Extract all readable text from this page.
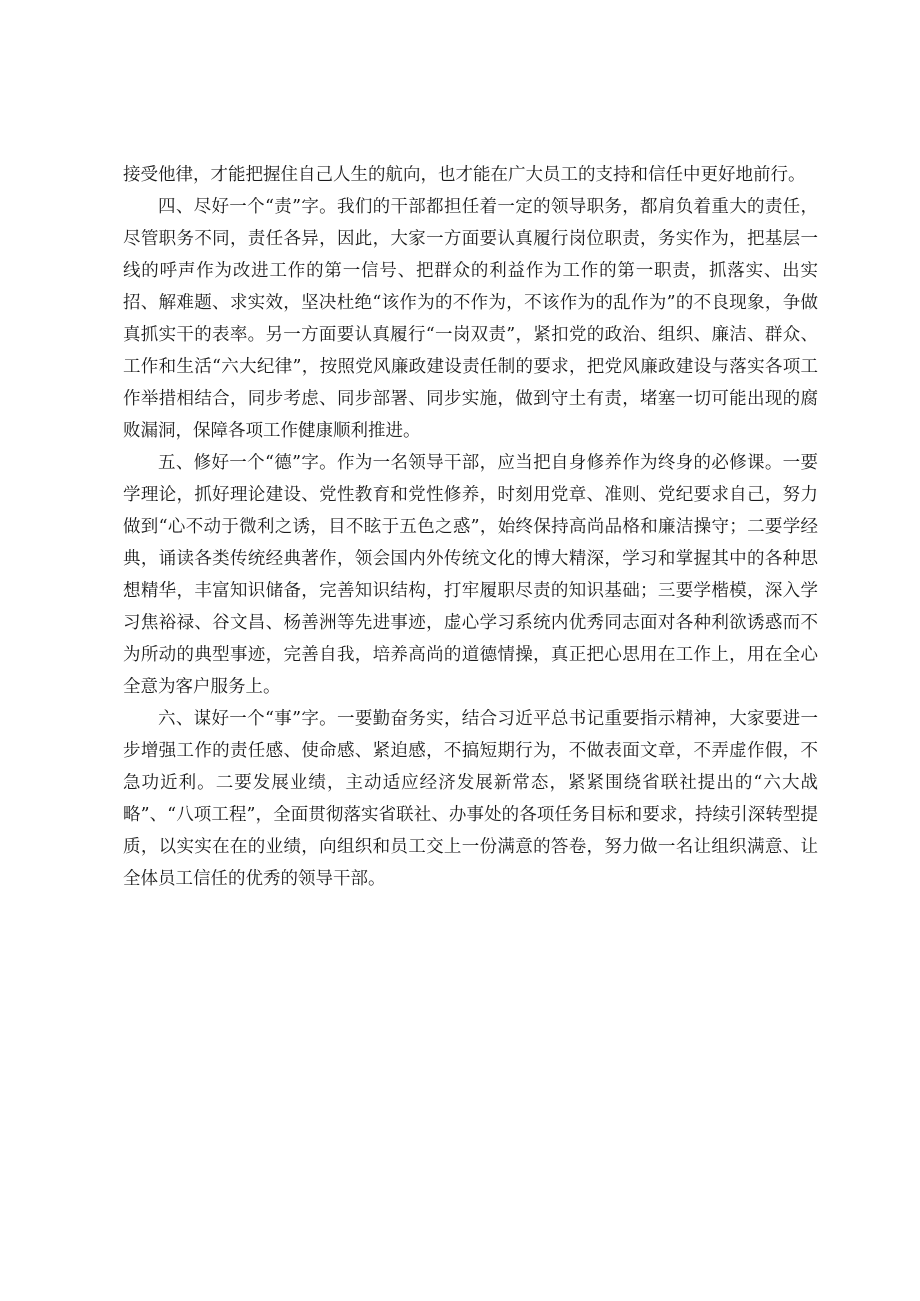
接受他律，才能把握住自己人生的航向，也才能在广大员工的支持和信任中更好地前行。

四、尽好一个“责”字。我们的干部都担任着一定的领导职务，都肩负着重大的责任，尽管职务不同，责任各异，因此，大家一方面要认真履行岗位职责，务实作为，把基层一线的呼声作为改进工作的第一信号、把群众的利益作为工作的第一职责，抓落实、出实招、解难题、求实效，坚决杜绝“该作为的不作为，不该作为的乱作为”的不良现象，争做真抓实干的表率。另一方面要认真履行“一岗双责”，紧扣党的政治、组织、廉洁、群众、工作和生活“六大纪律”，按照党风廉政建设责任制的要求，把党风廉政建设与落实各项工作举措相结合，同步考虑、同步部署、同步实施，做到守土有责，堵塞一切可能出现的腐败漏洞，保障各项工作健康顺利推进。

五、修好一个“德”字。作为一名领导干部，应当把自身修养作为终身的必修课。一要学理论，抓好理论建设、党性教育和党性修养，时刻用党章、准则、党纪要求自己，努力做到“心不动于微利之诱，目不眩于五色之惑”，始终保持高尚品格和廉洁操守；二要学经典，诵读各类传统经典著作，领会国内外传统文化的博大精深，学习和掌握其中的各种思想精华，丰富知识储备，完善知识结构，打牢履职尽责的知识基础；三要学楷模，深入学习焦裕禄、谷文昌、杨善洲等先进事迹，虚心学习系统内优秀同志面对各种利欲诱惑而不为所动的典型事迹，完善自我，培养高尚的道德情操，真正把心思用在工作上，用在全心全意为客户服务上。

六、谋好一个“事”字。一要勤奋务实，结合习近平总书记重要指示精神，大家要进一步增强工作的责任感、使命感、紧迫感，不搞短期行为，不做表面文章，不弄虚作假，不急功近利。二要发展业绩，主动适应经济发展新常态，紧紧围绕省联社提出的“六大战略”、“八项工程”，全面贯彻落实省联社、办事处的各项任务目标和要求，持续引深转型提质，以实实在在的业绩，向组织和员工交上一份满意的答卷，努力做一名让组织满意、让全体员工信任的优秀的领导干部。
